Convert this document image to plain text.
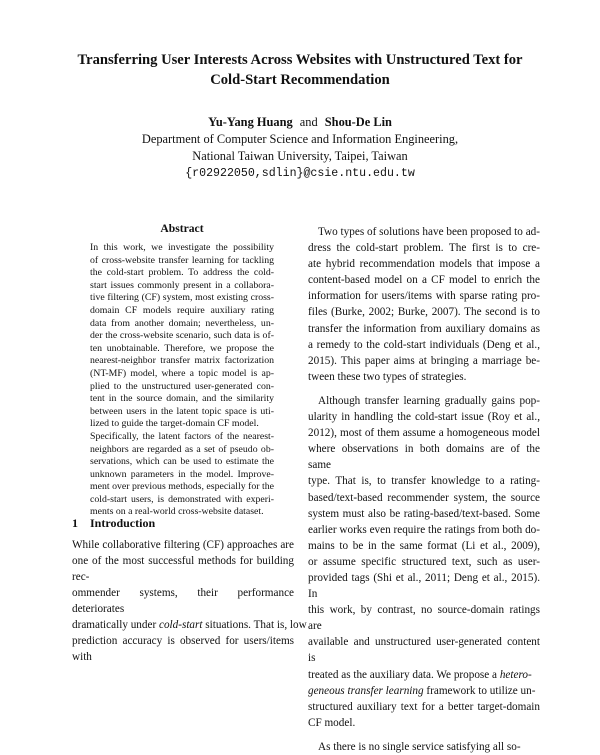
Transferring User Interests Across Websites with Unstructured Text for
Cold-Start Recommendation
Yu-Yang Huang and Shou-De Lin
Department of Computer Science and Information Engineering,
National Taiwan University, Taipei, Taiwan
{r02922050,sdlin}@csie.ntu.edu.tw
Abstract
In this work, we investigate the possibility
of cross-website transfer learning for tackling
the cold-start problem. To address the cold-
start issues commonly present in a collabora-
tive filtering (CF) system, most existing cross-
domain CF models require auxiliary rating
data from another domain; nevertheless, un-
der the cross-website scenario, such data is of-
ten unobtainable. Therefore, we propose the
nearest-neighbor transfer matrix factorization
(NT-MF) model, where a topic model is ap-
plied to the unstructured user-generated con-
tent in the source domain, and the similarity
between users in the latent topic space is uti-
lized to guide the target-domain CF model.
Specifically, the latent factors of the nearest-
neighbors are regarded as a set of pseudo ob-
servations, which can be used to estimate the
unknown parameters in the model. Improve-
ment over previous methods, especially for the
cold-start users, is demonstrated with experi-
ments on a real-world cross-website dataset.
1 Introduction
While collaborative filtering (CF) approaches are
one of the most successful methods for building rec-
ommender systems, their performance deteriorates
dramatically under cold-start situations. That is, low
prediction accuracy is observed for users/items with

Two types of solutions have been proposed to ad-
dress the cold-start problem. The first is to cre-
ate hybrid recommendation models that impose a
content-based model on a CF model to enrich the
information for users/items with sparse rating pro-
files (Burke, 2002; Burke, 2007). The second is to
transfer the information from auxiliary domains as
a remedy to the cold-start individuals (Deng et al.,
2015). This paper aims at bringing a marriage be-
tween these two types of strategies.

Although transfer learning gradually gains pop-
ularity in handling the cold-start issue (Roy et al.,
2012), most of them assume a homogeneous model
where observations in both domains are of the same
type. That is, to transfer knowledge to a rating-
based/text-based recommender system, the source
system must also be rating-based/text-based. Some
earlier works even require the ratings from both do-
mains to be in the same format (Li et al., 2009),
or assume specific structured text, such as user-
provided tags (Shi et al., 2011; Deng et al., 2015). In
this work, by contrast, no source-domain ratings are
available and unstructured user-generated content is
treated as the auxiliary data. We propose a hetero-
geneous transfer learning framework to utilize un-
structured auxiliary text for a better target-domain
CF model.

As there is no single service satisfying all so-
